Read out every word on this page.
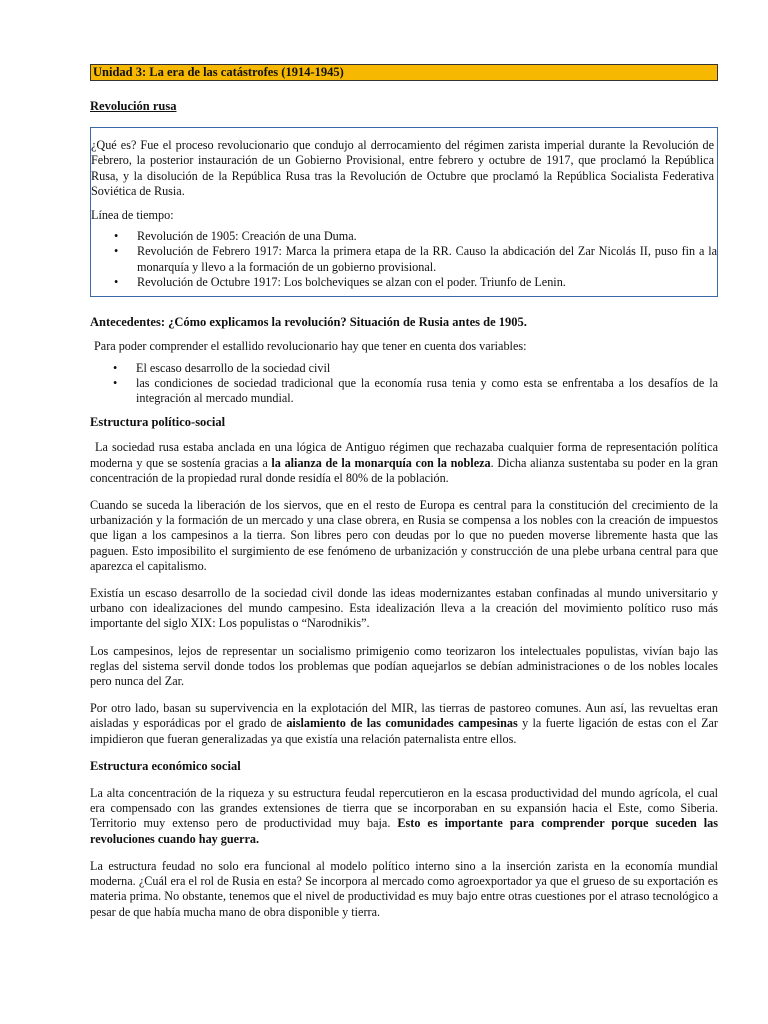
Unidad 3: La era de las catástrofes (1914-1945)
Revolución rusa

¿Qué es? Fue el proceso revolucionario que condujo al derrocamiento del régimen zarista imperial durante la Revolución de Febrero, la posterior instauración de un Gobierno Provisional, entre febrero y octubre de 1917, que proclamó la República Rusa, y la disolución de la República Rusa tras la Revolución de Octubre que proclamó la República Socialista Federativa Soviética de Rusia.

Línea de tiempo:

• Revolución de 1905: Creación de una Duma.
• Revolución de Febrero 1917: Marca la primera etapa de la RR. Causo la abdicación del Zar Nicolás II, puso fin a la monarquía y llevo a la formación de un gobierno provisional.
• Revolución de Octubre 1917: Los bolcheviques se alzan con el poder. Triunfo de Lenin.
Antecedentes: ¿Cómo explicamos la revolución? Situación de Rusia antes de 1905.

Para poder comprender el estallido revolucionario hay que tener en cuenta dos variables:

• El escaso desarrollo de la sociedad civil
• las condiciones de sociedad tradicional que la economía rusa tenia y como esta se enfrentaba a los desafíos de la integración al mercado mundial.
Estructura político-social

La sociedad rusa estaba anclada en una lógica de Antiguo régimen que rechazaba cualquier forma de representación política moderna y que se sostenía gracias a la alianza de la monarquía con la nobleza. Dicha alianza sustentaba su poder en la gran concentración de la propiedad rural donde residía el 80% de la población.

Cuando se suceda la liberación de los siervos, que en el resto de Europa es central para la constitución del crecimiento de la urbanización y la formación de un mercado y una clase obrera, en Rusia se compensa a los nobles con la creación de impuestos que ligan a los campesinos a la tierra. Son libres pero con deudas por lo que no pueden moverse libremente hasta que las paguen. Esto imposibilito el surgimiento de ese fenómeno de urbanización y construcción de una plebe urbana central para que aparezca el capitalismo.

Existía un escaso desarrollo de la sociedad civil donde las ideas modernizantes estaban confinadas al mundo universitario y urbano con idealizaciones del mundo campesino. Esta idealización lleva a la creación del movimiento político ruso más importante del siglo XIX: Los populistas o “Narodnikis”.

Los campesinos, lejos de representar un socialismo primigenio como teorizaron los intelectuales populistas, vivían bajo las reglas del sistema servil donde todos los problemas que podían aquejarlos se debían administraciones o de los nobles locales pero nunca del Zar.

Por otro lado, basan su supervivencia en la explotación del MIR, las tierras de pastoreo comunes. Aun así, las revueltas eran aisladas y esporádicas por el grado de aislamiento de las comunidades campesinas y la fuerte ligación de estas con el Zar impidieron que fueran generalizadas ya que existía una relación paternalista entre ellos.

Estructura económico social

La alta concentración de la riqueza y su estructura feudal repercutieron en la escasa productividad del mundo agrícola, el cual era compensado con las grandes extensiones de tierra que se incorporaban en su expansión hacia el Este, como Siberia. Territorio muy extenso pero de productividad muy baja. Esto es importante para comprender porque suceden las revoluciones cuando hay guerra.

La estructura feudad no solo era funcional al modelo político interno sino a la inserción zarista en la economía mundial moderna. ¿Cuál era el rol de Rusia en esta? Se incorpora al mercado como agroexportador ya que el grueso de su exportación es materia prima. No obstante, tenemos que el nivel de productividad es muy bajo entre otras cuestiones por el atraso tecnológico a pesar de que había mucha mano de obra disponible y tierra.
